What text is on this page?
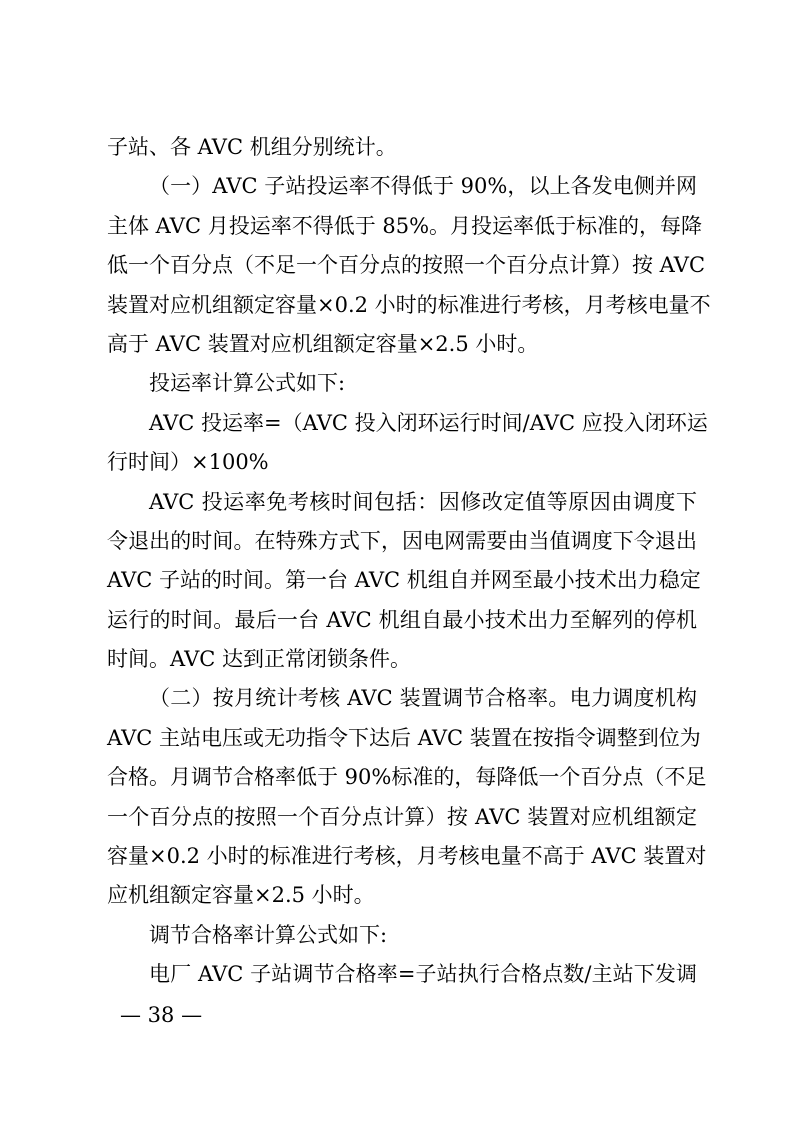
子站、各 AVC 机组分别统计。
（一）AVC 子站投运率不得低于 90%，以上各发电侧并网
主体 AVC 月投运率不得低于 85%。月投运率低于标准的，每降
低一个百分点（不足一个百分点的按照一个百分点计算）按 AVC
装置对应机组额定容量×0.2 小时的标准进行考核，月考核电量不
高于 AVC 装置对应机组额定容量×2.5 小时。
投运率计算公式如下:
AVC 投运率=（AVC 投入闭环运行时间/AVC 应投入闭环运
行时间）×100%
AVC 投运率免考核时间包括：因修改定值等原因由调度下
令退出的时间。在特殊方式下，因电网需要由当值调度下令退出
AVC 子站的时间。第一台 AVC 机组自并网至最小技术出力稳定
运行的时间。最后一台 AVC 机组自最小技术出力至解列的停机
时间。AVC 达到正常闭锁条件。
（二）按月统计考核 AVC 装置调节合格率。电力调度机构
AVC 主站电压或无功指令下达后 AVC 装置在按指令调整到位为
合格。月调节合格率低于 90%标准的，每降低一个百分点（不足
一个百分点的按照一个百分点计算）按 AVC 装置对应机组额定
容量×0.2 小时的标准进行考核，月考核电量不高于 AVC 装置对
应机组额定容量×2.5 小时。
调节合格率计算公式如下:
电厂 AVC 子站调节合格率=子站执行合格点数/主站下发调
— 38 —
